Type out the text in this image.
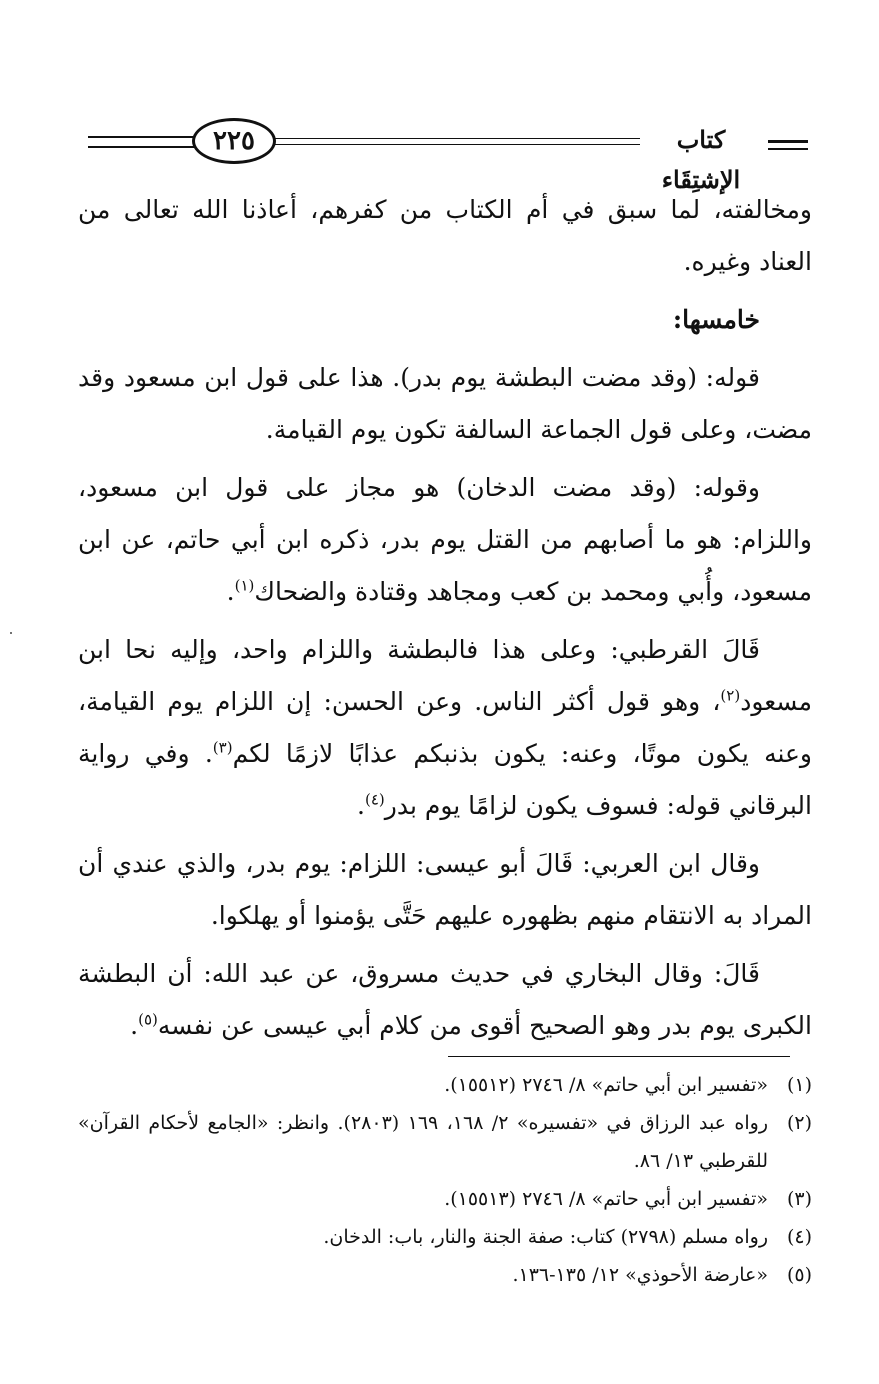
٢٢٥	كتاب الإشتِقَاء

ومخالفته، لما سبق في أم الكتاب من كفرهم، أعاذنا الله تعالى من العناد وغيره.

خامسها:

قوله: (وقد مضت البطشة يوم بدر). هذا على قول ابن مسعود وقد مضت، وعلى قول الجماعة السالفة تكون يوم القيامة.

وقوله: (وقد مضت الدخان) هو مجاز على قول ابن مسعود، واللزام: هو ما أصابهم من القتل يوم بدر، ذكره ابن أبي حاتم، عن ابن مسعود، وأُبي ومحمد بن كعب ومجاهد وقتادة والضحاك$^{(١)}$.

قَالَ القرطبي: وعلى هذا فالبطشة واللزام واحد، وإليه نحا ابن مسعود$^{(٢)}$، وهو قول أكثر الناس. وعن الحسن: إن اللزام يوم القيامة، وعنه يكون موتًا، وعنه: يكون بذنبكم عذابًا لازمًا لكم$^{(٣)}$. وفي رواية البرقاني قوله: فسوف يكون لزامًا يوم بدر$^{(٤)}$.

وقال ابن العربي: قَالَ أبو عيسى: اللزام: يوم بدر، والذي عندي أن المراد به الانتقام منهم بظهوره عليهم حَتَّى يؤمنوا أو يهلكوا.

قَالَ: وقال البخاري في حديث مسروق، عن عبد الله: أن البطشة الكبرى يوم بدر وهو الصحيح أقوى من كلام أبي عيسى عن نفسه$^{(٥)}$.

(١)
«تفسير ابن أبي حاتم» ٨/ ٢٧٤٦ (١٥٥١٢).
(٢)
رواه عبد الرزاق في «تفسيره» ٢/ ١٦٨، ١٦٩ (٢٨٠٣). وانظر: «الجامع لأحكام القرآن» للقرطبي ١٣/ ٨٦.
(٣)
«تفسير ابن أبي حاتم» ٨/ ٢٧٤٦ (١٥٥١٣).
(٤)
رواه مسلم (٢٧٩٨) كتاب: صفة الجنة والنار، باب: الدخان.
(٥)
«عارضة الأحوذي» ١٢/ ١٣٥-١٣٦.
